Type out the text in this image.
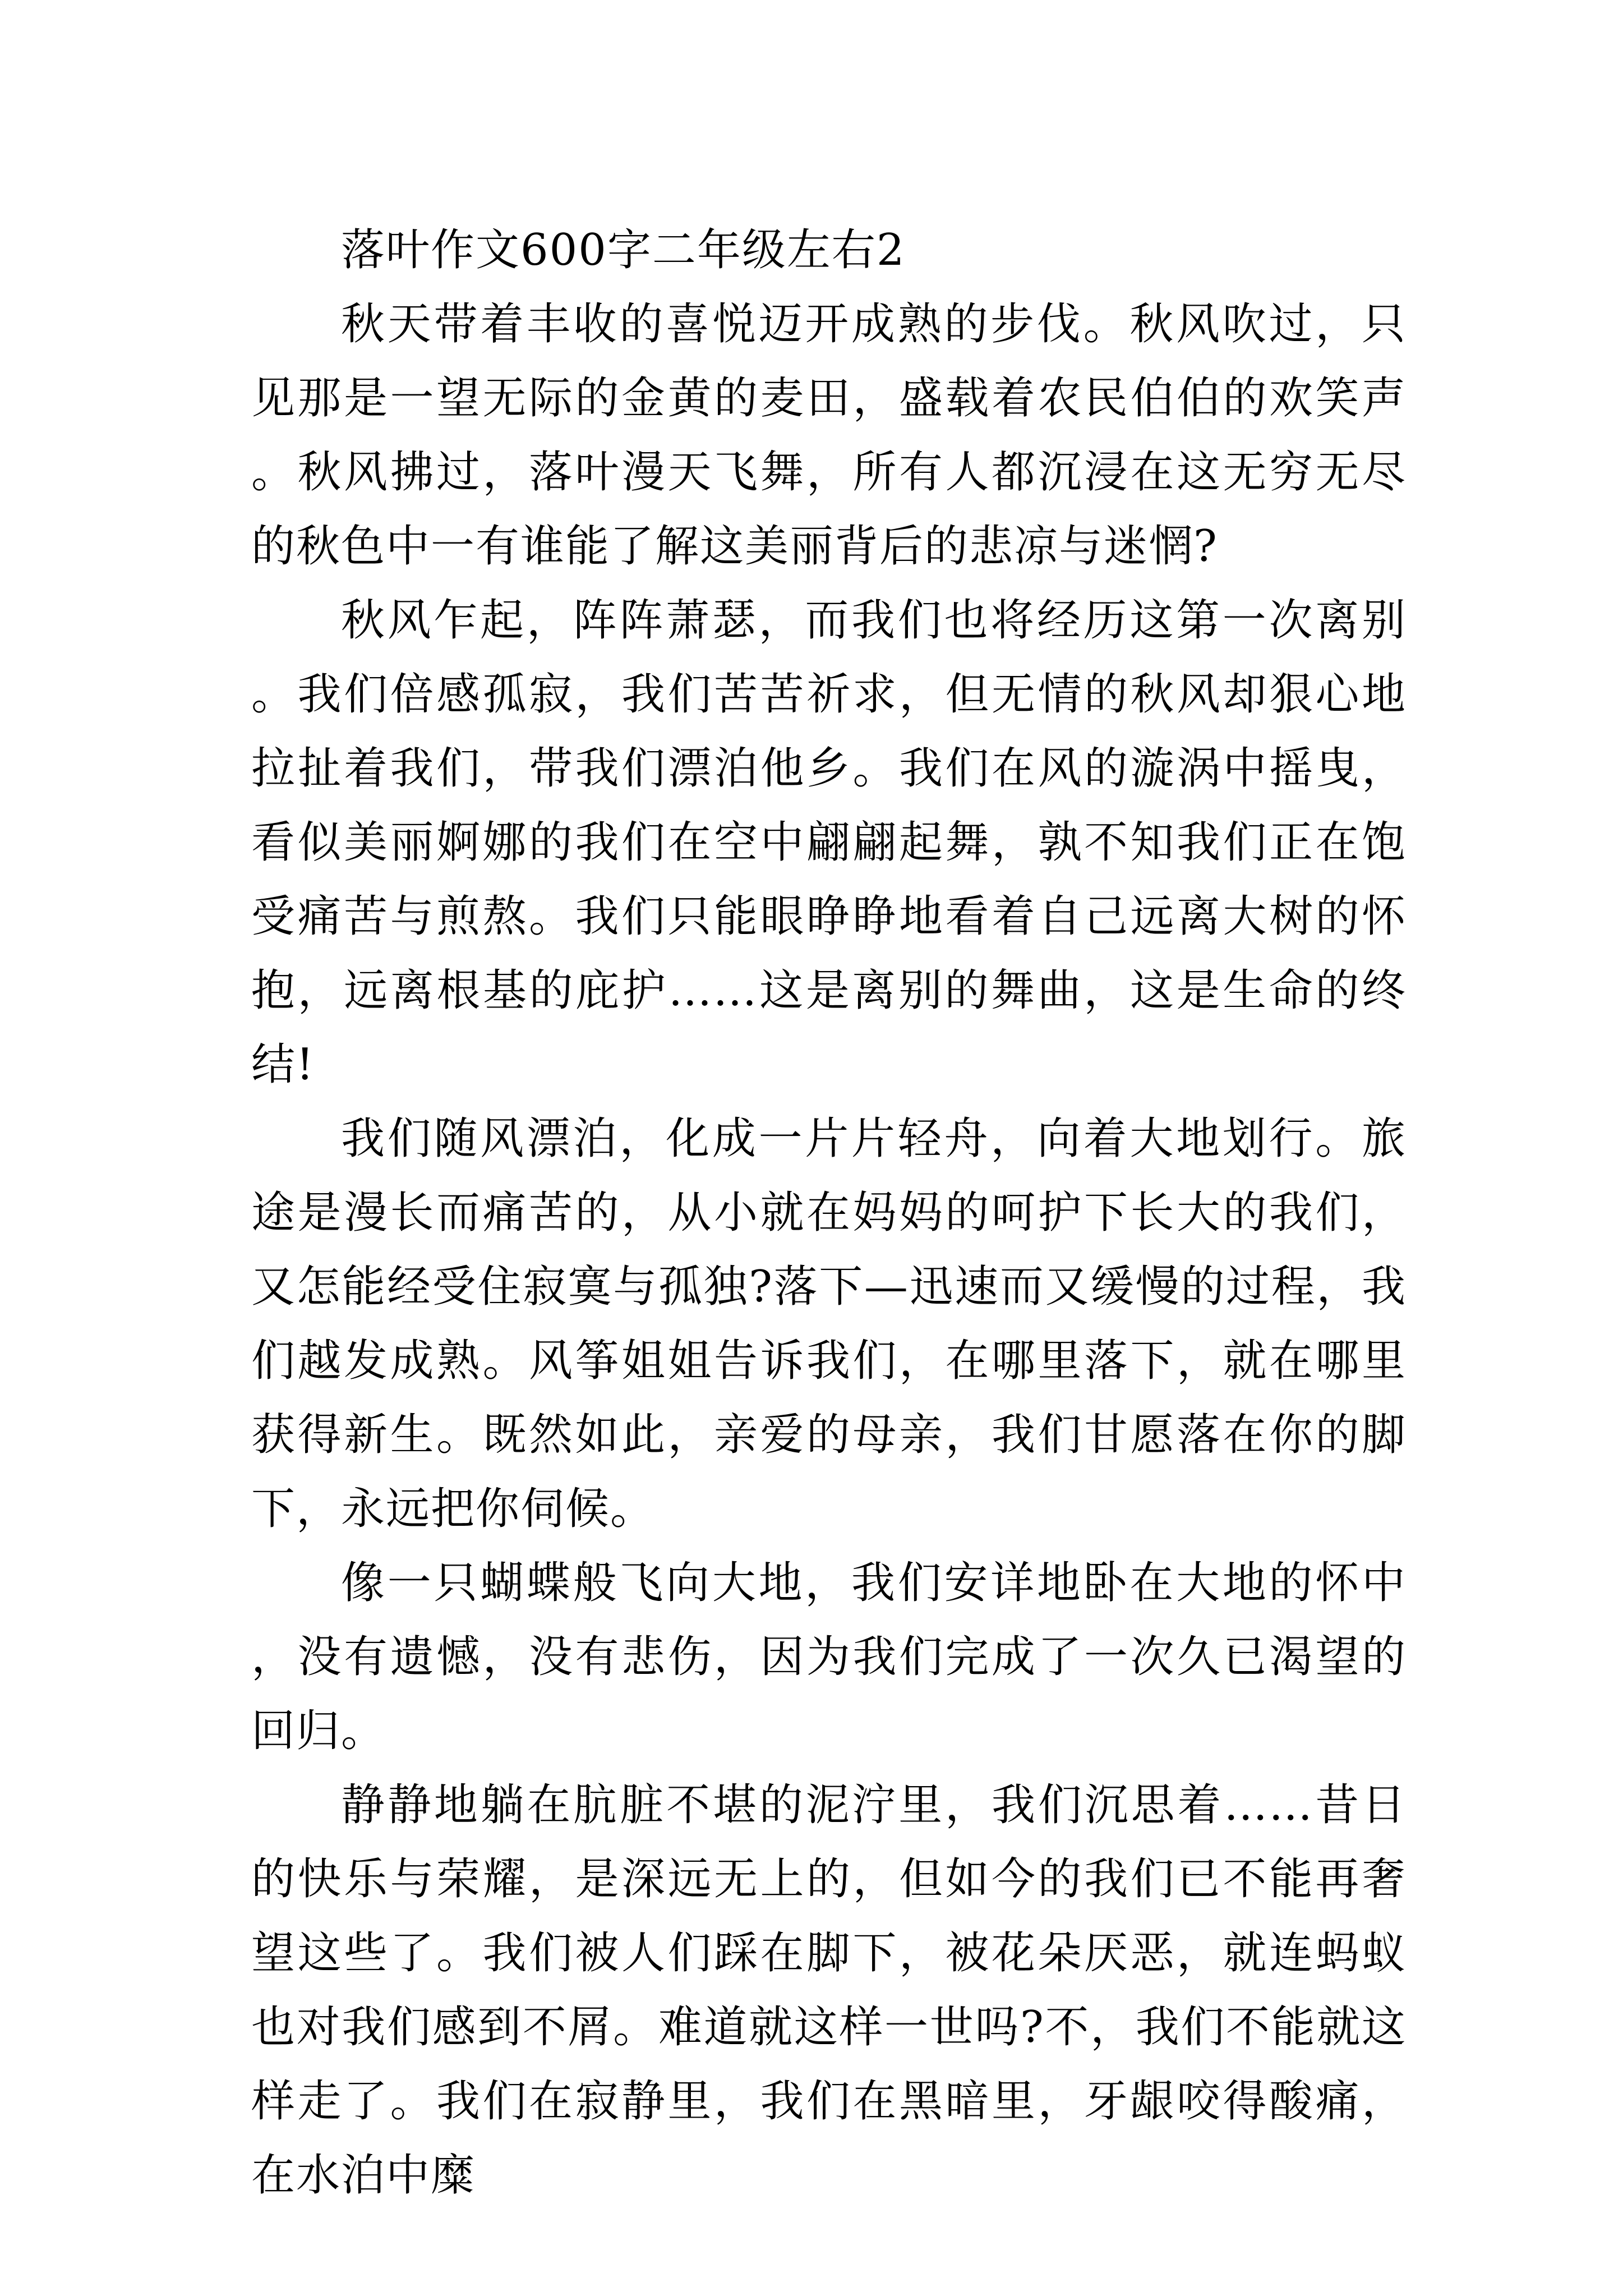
落叶作文600字二年级左右2

秋天带着丰收的喜悦迈开成熟的步伐。秋风吹过，只见那是一望无际的金黄的麦田，盛载着农民伯伯的欢笑声。秋风拂过，落叶漫天飞舞，所有人都沉浸在这无穷无尽的秋色中一有谁能了解这美丽背后的悲凉与迷惘?

秋风乍起，阵阵萧瑟，而我们也将经历这第一次离别。我们倍感孤寂，我们苦苦祈求，但无情的秋风却狠心地拉扯着我们，带我们漂泊他乡。我们在风的漩涡中摇曳，看似美丽婀娜的我们在空中翩翩起舞，孰不知我们正在饱受痛苦与煎熬。我们只能眼睁睁地看着自己远离大树的怀抱，远离根基的庇护……这是离别的舞曲，这是生命的终结!

我们随风漂泊，化成一片片轻舟，向着大地划行。旅途是漫长而痛苦的，从小就在妈妈的呵护下长大的我们，又怎能经受住寂寞与孤独?落下—迅速而又缓慢的过程，我们越发成熟。风筝姐姐告诉我们，在哪里落下，就在哪里获得新生。既然如此，亲爱的母亲，我们甘愿落在你的脚下，永远把你伺候。

像一只蝴蝶般飞向大地，我们安详地卧在大地的怀中，没有遗憾，没有悲伤，因为我们完成了一次久已渴望的回归。

静静地躺在肮脏不堪的泥泞里，我们沉思着……昔日的快乐与荣耀，是深远无上的，但如今的我们已不能再奢望这些了。我们被人们踩在脚下，被花朵厌恶，就连蚂蚁也对我们感到不屑。难道就这样一世吗?不，我们不能就这样走了。我们在寂静里，我们在黑暗里，牙龈咬得酸痛，在水泊中糜
